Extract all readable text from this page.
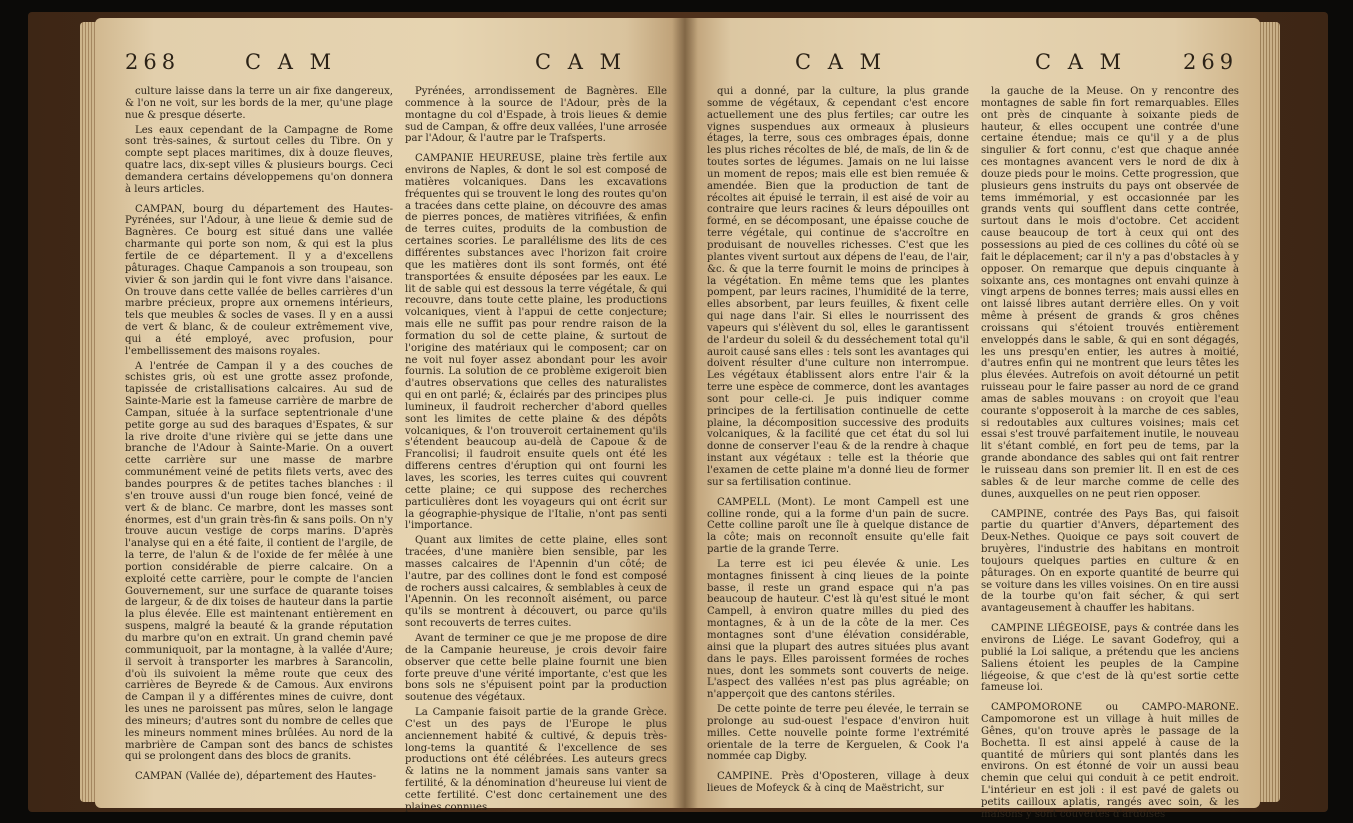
268	C A M	C A M

culture laisse dans la terre un air fixe dangereux, & l'on ne voit, sur les bords de la mer, qu'une plage nue & presque déserte.

Les eaux cependant de la Campagne de Rome sont très-saines, & surtout celles du Tibre. On y compte sept places maritimes, dix à douze fleuves, quatre lacs, dix-sept villes & plusieurs bourgs. Ceci demandera certains développemens qu'on donnera à leurs articles.

CAMPAN, bourg du département des Hautes-Pyrénées, sur l'Adour, à une lieue & demie sud de Bagnères. Ce bourg est situé dans une vallée charmante qui porte son nom, & qui est la plus fertile de ce département. Il y a d'excellens pâturages. Chaque Campanois a son troupeau, son vivier & son jardin qui le font vivre dans l'aisance. On trouve dans cette vallée de belles carrières d'un marbre précieux, propre aux ornemens intérieurs, tels que meubles & socles de vases. Il y en a aussi de vert & blanc, & de couleur extrêmement vive, qui a été employé, avec profusion, pour l'embellissement des maisons royales.

A l'entrée de Campan il y a des couches de schistes gris, où est une grotte assez profonde, tapissée de cristallisations calcaires. Au sud de Sainte-Marie est la fameuse carrière de marbre de Campan, située à la surface septentrionale d'une petite gorge au sud des baraques d'Espates, & sur la rive droite d'une rivière qui se jette dans une branche de l'Adour à Sainte-Marie. On a ouvert cette carrière sur une masse de marbre communément veiné de petits filets verts, avec des bandes pourpres & de petites taches blanches : il s'en trouve aussi d'un rouge bien foncé, veiné de vert & de blanc. Ce marbre, dont les masses sont énormes, est d'un grain très-fin & sans poils. On n'y trouve aucun vestige de corps marins. D'après l'analyse qui en a été faite, il contient de l'argile, de la terre, de l'alun & de l'oxide de fer mêlée à une portion considérable de pierre calcaire. On a exploité cette carrière, pour le compte de l'ancien Gouvernement, sur une surface de quarante toises de largeur, & de dix toises de hauteur dans la partie la plus élevée. Elle est maintenant entièrement en suspens, malgré la beauté & la grande réputation du marbre qu'on en extrait. Un grand chemin pavé communiquoit, par la montagne, à la vallée d'Aure; il servoit à transporter les marbres à Sarancolin, d'où ils suivoient la même route que ceux des carrières de Beyrede & de Camous. Aux environs de Campan il y a différentes mines de cuivre, dont les unes ne paroissent pas mûres, selon le langage des mineurs; d'autres sont du nombre de celles que les mineurs nomment mines brûlées. Au nord de la marbrière de Campan sont des bancs de schistes qui se prolongent dans des blocs de granits.

CAMPAN (Vallée de), département des Hautes-

Pyrénées, arrondissement de Bagnères. Elle commence à la source de l'Adour, près de la montagne du col d'Espade, à trois lieues & demie sud de Campan, & offre deux vallées, l'une arrosée par l'Adour, & l'autre par le Trafsperts.

CAMPANIE HEUREUSE, plaine très fertile aux environs de Naples, & dont le sol est composé de matières volcaniques. Dans les excavations fréquentes qui se trouvent le long des routes qu'on a tracées dans cette plaine, on découvre des amas de pierres ponces, de matières vitrifiées, & enfin de terres cuites, produits de la combustion de certaines scories. Le parallélisme des lits de ces différentes substances avec l'horizon fait croire que les matières dont ils sont formés, ont été transportées & ensuite déposées par les eaux. Le lit de sable qui est dessous la terre végétale, & qui recouvre, dans toute cette plaine, les productions volcaniques, vient à l'appui de cette conjecture; mais elle ne suffit pas pour rendre raison de la formation du sol de cette plaine, & surtout de l'origine des matériaux qui le composent; car on ne voit nul foyer assez abondant pour les avoir fournis. La solution de ce problème exigeroit bien d'autres observations que celles des naturalistes qui en ont parlé; &, éclairés par des principes plus lumineux, il faudroit rechercher d'abord quelles sont les limites de cette plaine & des dépôts volcaniques, & l'on trouveroit certainement qu'ils s'étendent beaucoup au-delà de Capoue & de Francolisi; il faudroit ensuite quels ont été les differens centres d'éruption qui ont fourni les laves, les scories, les terres cuites qui couvrent cette plaine; ce qui suppose des recherches particulières dont les voyageurs qui ont écrit sur la géographie-physique de l'Italie, n'ont pas senti l'importance.

Quant aux limites de cette plaine, elles sont tracées, d'une manière bien sensible, par les masses calcaires de l'Apennin d'un côté; de l'autre, par des collines dont le fond est composé de rochers aussi calcaires, & semblables à ceux de l'Apennin. On les reconnoît aisément, ou parce qu'ils se montrent à découvert, ou parce qu'ils sont recouverts de terres cuites.

Avant de terminer ce que je me propose de dire de la Campanie heureuse, je crois devoir faire observer que cette belle plaine fournit une bien forte preuve d'une vérité importante, c'est que les bons sols ne s'épuisent point par la production soutenue des végétaux.

La Campanie faisoit partie de la grande Grèce. C'est un des pays de l'Europe le plus anciennement habité & cultivé, & depuis très-long-tems la quantité & l'excellence de ses productions ont été célébrées. Les auteurs grecs & latins ne la nomment jamais sans vanter sa fertilité, & la dénomination d'heureuse lui vient de cette fertilité. C'est donc certainement une des plaines connues

C A M	C A M	269

qui a donné, par la culture, la plus grande somme de végétaux, & cependant c'est encore actuellement une des plus fertiles; car outre les vignes suspendues aux ormeaux à plusieurs étages, la terre, sous ces ombrages épais, donne les plus riches récoltes de blé, de maïs, de lin & de toutes sortes de légumes. Jamais on ne lui laisse un moment de repos; mais elle est bien remuée & amendée. Bien que la production de tant de récoltes ait épuisé le terrain, il est aisé de voir au contraire que leurs racines & leurs dépouilles ont formé, en se décomposant, une épaisse couche de terre végétale, qui continue de s'accroître en produisant de nouvelles richesses. C'est que les plantes vivent surtout aux dépens de l'eau, de l'air, &c. & que la terre fournit le moins de principes à la végétation. En même tems que les plantes pompent, par leurs racines, l'humidité de la terre, elles absorbent, par leurs feuilles, & fixent celle qui nage dans l'air. Si elles le nourrissent des vapeurs qui s'élèvent du sol, elles le garantissent de l'ardeur du soleil & du desséchement total qu'il auroit causé sans elles : tels sont les avantages qui doivent résulter d'une culture non interrompue. Les végétaux établissent alors entre l'air & la terre une espèce de commerce, dont les avantages sont pour celle-ci. Je puis indiquer comme principes de la fertilisation continuelle de cette plaine, la décomposition successive des produits volcaniques, & la facilité que cet état du sol lui donne de conserver l'eau & de la rendre à chaque instant aux végétaux : telle est la théorie que l'examen de cette plaine m'a donné lieu de former sur sa fertilisation continue.

CAMPELL (Mont). Le mont Campell est une colline ronde, qui a la forme d'un pain de sucre. Cette colline paroît une île à quelque distance de la côte; mais on reconnoît ensuite qu'elle fait partie de la grande Terre.

La terre est ici peu élevée & unie. Les montagnes finissent à cinq lieues de la pointe basse, il reste un grand espace qui n'a pas beaucoup de hauteur. C'est là qu'est situé le mont Campell, à environ quatre milles du pied des montagnes, & à un de la côte de la mer. Ces montagnes sont d'une élévation considérable, ainsi que la plupart des autres situées plus avant dans le pays. Elles paroissent formées de roches nues, dont les sommets sont couverts de neige. L'aspect des vallées n'est pas plus agréable; on n'apperçoit que des cantons stériles.

De cette pointe de terre peu élevée, le terrain se prolonge au sud-ouest l'espace d'environ huit milles. Cette nouvelle pointe forme l'extrémité orientale de la terre de Kerguelen, & Cook l'a nommée cap Digby.

CAMPINE. Près d'Oposteren, village à deux lieues de Mofeyck & à cinq de Maëstricht, sur

la gauche de la Meuse. On y rencontre des montagnes de sable fin fort remarquables. Elles ont près de cinquante à soixante pieds de hauteur, & elles occupent une contrée d'une certaine étendue; mais ce qu'il y a de plus singulier & fort connu, c'est que chaque année ces montagnes avancent vers le nord de dix à douze pieds pour le moins. Cette progression, que plusieurs gens instruits du pays ont observée de tems immémorial, y est occasionnée par les grands vents qui soufflent dans cette contrée, surtout dans le mois d'octobre. Cet accident cause beaucoup de tort à ceux qui ont des possessions au pied de ces collines du côté où se fait le déplacement; car il n'y a pas d'obstacles à y opposer. On remarque que depuis cinquante à soixante ans, ces montagnes ont envahi quinze à vingt arpens de bonnes terres; mais aussi elles en ont laissé libres autant derrière elles. On y voit même à présent de grands & gros chênes croissans qui s'étoient trouvés entièrement enveloppés dans le sable, & qui en sont dégagés, les uns presqu'en entier, les autres à moitié, d'autres enfin qui ne montrent que leurs têtes les plus élevées. Autrefois on avoit détourné un petit ruisseau pour le faire passer au nord de ce grand amas de sables mouvans : on croyoit que l'eau courante s'opposeroit à la marche de ces sables, si redoutables aux cultures voisines; mais cet essai s'est trouvé parfaitement inutile, le nouveau lit s'étant comblé, en fort peu de tems, par la grande abondance des sables qui ont fait rentrer le ruisseau dans son premier lit. Il en est de ces sables & de leur marche comme de celle des dunes, auxquelles on ne peut rien opposer.

CAMPINE, contrée des Pays Bas, qui faisoit partie du quartier d'Anvers, département des Deux-Nethes. Quoique ce pays soit couvert de bruyères, l'industrie des habitans en montroit toujours quelques parties en culture & en pâturages. On en exporte quantité de beurre qui se voiture dans les villes voisines. On en tire aussi de la tourbe qu'on fait sécher, & qui sert avantageusement à chauffer les habitans.

CAMPINE LIÉGEOISE, pays & contrée dans les environs de Liége. Le savant Godefroy, qui a publié la Loi salique, a prétendu que les anciens Saliens étoient les peuples de la Campine liégeoise, & que c'est de là qu'est sortie cette fameuse loi.

CAMPOMORONE ou CAMPO-MARONE. Campomorone est un village à huit milles de Gênes, qu'on trouve après le passage de la Bochetta. Il est ainsi appelé à cause de la quantité de mûriers qui sont plantés dans les environs. On est étonné de voir un aussi beau chemin que celui qui conduit à ce petit endroit. L'intérieur en est joli : il est pavé de galets ou petits cailloux aplatis, rangés avec soin, & les maisons y sont couvertes d'ardoises
